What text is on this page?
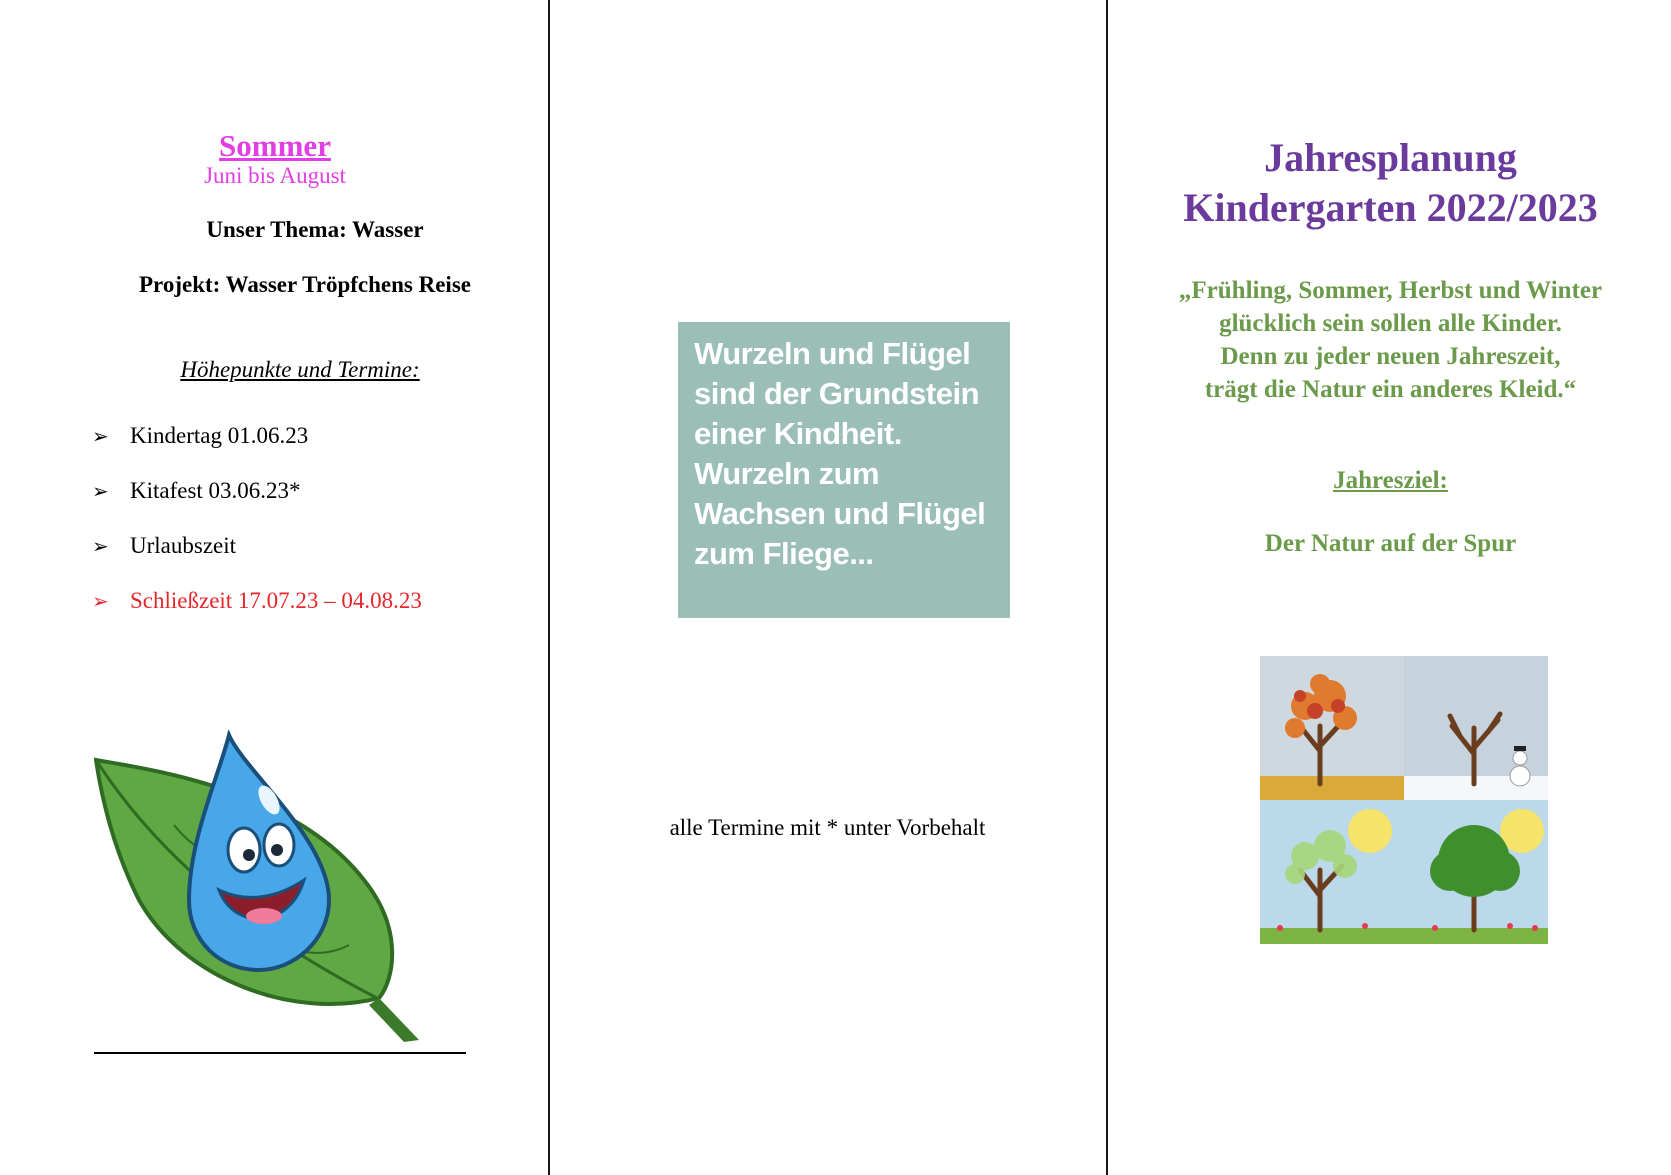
Sommer
Juni bis August
Unser Thema: Wasser
Projekt: Wasser Tröpfchens Reise
Höhepunkte und Termine:
➢ Kindertag 01.06.23
➢ Kitafest 03.06.23*
➢ Urlaubszeit
➢ Schließzeit 17.07.23 – 04.08.23
Wurzeln und Flügel sind der Grundstein einer Kindheit. Wurzeln zum Wachsen und Flügel zum Fliege...
alle Termine mit * unter Vorbehalt
Jahresplanung
Kindergarten 2022/2023
„Frühling, Sommer, Herbst und Winter
glücklich sein sollen alle Kinder.
Denn zu jeder neuen Jahreszeit,
trägt die Natur ein anderes Kleid.“
Jahresziel:
Der Natur auf der Spur
